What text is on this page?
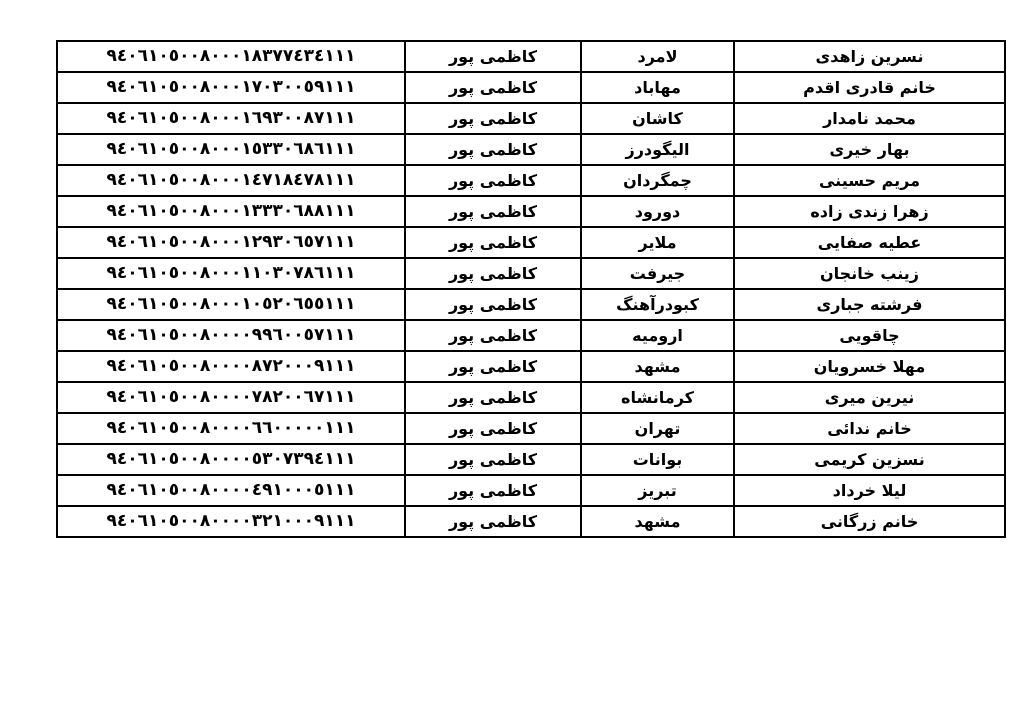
نسرین زاهدی	لامرد	کاظمی پور	۹٤٠٦١٠٥٠٠٨٠٠٠١٨٣٧٧٤٣٤١١١
خانم قادری اقدم	مهاباد	کاظمی پور	۹٤٠٦١٠٥٠٠٨٠٠٠١٧٠٣٠٠٥٩١١١
محمد نامدار	کاشان	کاظمی پور	۹٤٠٦١٠٥٠٠٨٠٠٠١٦٩٣٠٠٨٧١١١
بهار خیری	الیگودرز	کاظمی پور	۹٤٠٦١٠٥٠٠٨٠٠٠١٥٣٣٠٦٨٦١١١
مریم حسینی	چمگردان	کاظمی پور	۹٤٠٦١٠٥٠٠٨٠٠٠١٤٧١٨٤٧٨١١١
زهرا زندی زاده	دورود	کاظمی پور	۹٤٠٦١٠٥٠٠٨٠٠٠١٣٣٣٠٦٨٨١١١
عطیه صفایی	ملایر	کاظمی پور	۹٤٠٦١٠٥٠٠٨٠٠٠١٢٩٣٠٦٥٧١١١
زینب خانجان	جیرفت	کاظمی پور	۹٤٠٦١٠٥٠٠٨٠٠٠١١٠٣٠٧٨٦١١١
فرشته جباری	کبودرآهنگ	کاظمی پور	۹٤٠٦١٠٥٠٠٨٠٠٠١٠٥٢٠٦٥٥١١١
چاقویی	ارومیه	کاظمی پور	۹٤٠٦١٠٥٠٠٨٠٠٠٠٩٩٦٠٠٥٧١١١
مهلا خسرویان	مشهد	کاظمی پور	۹٤٠٦١٠٥٠٠٨٠٠٠٠٨٧٢٠٠٠٩١١١
نیرین میری	کرمانشاه	کاظمی پور	۹٤٠٦١٠٥٠٠٨٠٠٠٠٧٨٢٠٠٦٧١١١
خانم ندائی	تهران	کاظمی پور	۹٤٠٦١٠٥٠٠٨٠٠٠٠٦٦٠٠٠٠٠١١١
نسزین کریمی	بوانات	کاظمی پور	۹٤٠٦١٠٥٠٠٨٠٠٠٠٥٣٠٧٣٩٤١١١
لیلا خرداد	تبریز	کاظمی پور	۹٤٠٦١٠٥٠٠٨٠٠٠٠٤٩١٠٠٠٥١١١
خانم زرگانی	مشهد	کاظمی پور	۹٤٠٦١٠٥٠٠٨٠٠٠٠٣٢١٠٠٠٩١١١
